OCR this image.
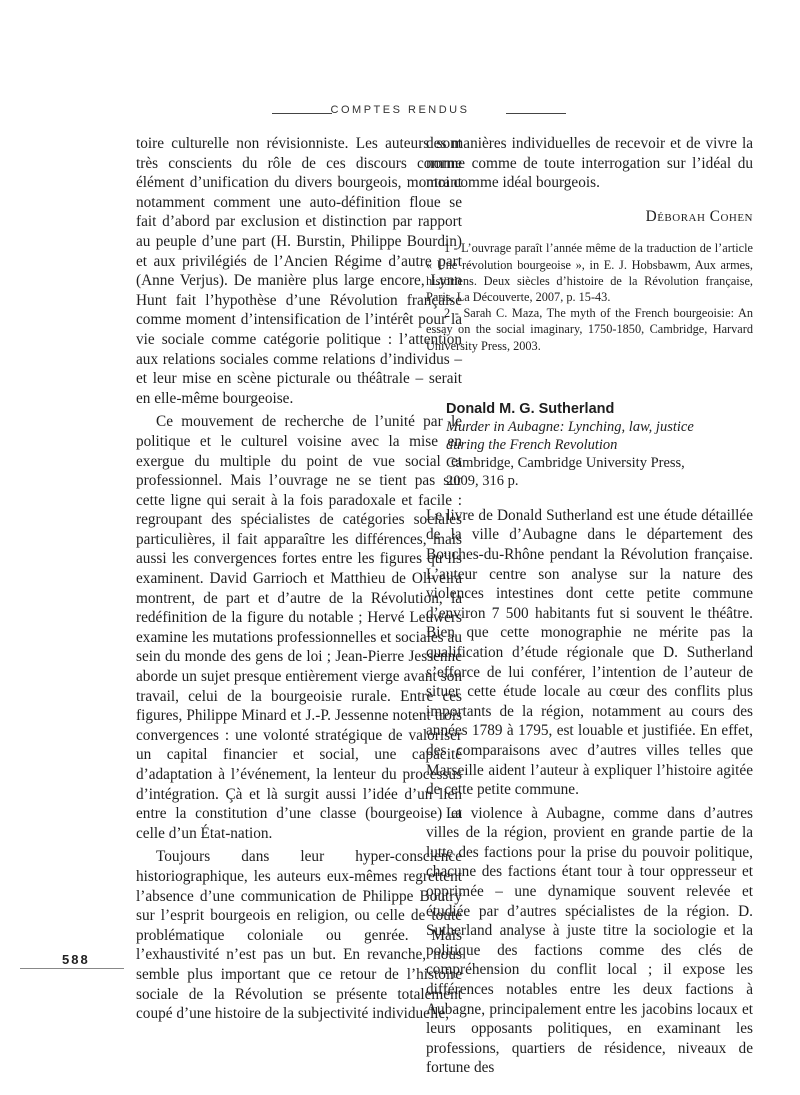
COMPTES RENDUS

toire culturelle non révisionniste. Les auteurs sont très conscients du rôle de ces discours comme élément d’unification du divers bourgeois, montrant notamment comment une auto-définition floue se fait d’abord par exclusion et distinction par rapport au peuple d’une part (H. Burstin, Philippe Bourdin) et aux privilégiés de l’Ancien Régime d’autre part (Anne Verjus). De manière plus large encore, Lynn Hunt fait l’hypothèse d’une Révolution française comme moment d’intensification de l’intérêt pour la vie sociale comme catégorie politique : l’attention aux relations sociales comme relations d’individus – et leur mise en scène picturale ou théâtrale – serait en elle-même bourgeoise.

Ce mouvement de recherche de l’unité par le politique et le culturel voisine avec la mise en exergue du multiple du point de vue social et professionnel. Mais l’ouvrage ne se tient pas sur cette ligne qui serait à la fois paradoxale et facile : regroupant des spécialistes de catégories sociales particulières, il fait apparaître les différences, mais aussi les convergences fortes entre les figures qu’ils examinent. David Garrioch et Matthieu de Oliveira montrent, de part et d’autre de la Révolution, la redéfinition de la figure du notable ; Hervé Leuwers examine les mutations professionnelles et sociales au sein du monde des gens de loi ; Jean-Pierre Jessenne aborde un sujet presque entièrement vierge avant son travail, celui de la bourgeoisie rurale. Entre ces figures, Philippe Minard et J.-P. Jessenne notent trois convergences : une volonté stratégique de valoriser un capital financier et social, une capacité d’adaptation à l’événement, la lenteur du processus d’intégration. Çà et là surgit aussi l’idée d’un lien entre la constitution d’une classe (bourgeoise) et celle d’un État-nation.

Toujours dans leur hyper-conscience historiographique, les auteurs eux-mêmes regrettent l’absence d’une communication de Philippe Boutry sur l’esprit bourgeois en religion, ou celle de toute problématique coloniale ou genrée. Mais l’exhaustivité n’est pas un but. En revanche, nous semble plus important que ce retour de l’histoire sociale de la Révolution se présente totalement coupé d’une histoire de la subjectivité individuelle,

des manières individuelles de recevoir et de vivre la norme comme de toute interrogation sur l’idéal du moi comme idéal bourgeois.

Déborah Cohen

1 - L’ouvrage paraît l’année même de la traduction de l’article « Une révolution bourgeoise », in E. J. Hobsbawm, Aux armes, historiens. Deux siècles d’histoire de la Révolution française, Paris, La Découverte, 2007, p. 15-43.

2 - Sarah C. Maza, The myth of the French bourgeoisie: An essay on the social imaginary, 1750-1850, Cambridge, Harvard University Press, 2003.

Donald M. G. Sutherland

Murder in Aubagne: Lynching, law, justice

during the French Revolution

Cambridge, Cambridge University Press,

2009, 316 p.

Le livre de Donald Sutherland est une étude détaillée de la ville d’Aubagne dans le département des Bouches-du-Rhône pendant la Révolution française. L’auteur centre son analyse sur la nature des violences intestines dont cette petite commune d’environ 7 500 habitants fut si souvent le théâtre. Bien que cette monographie ne mérite pas la qualification d’étude régionale que D. Sutherland s’efforce de lui conférer, l’intention de l’auteur de situer cette étude locale au cœur des conflits plus importants de la région, notamment au cours des années 1789 à 1795, est louable et justifiée. En effet, des comparaisons avec d’autres villes telles que Marseille aident l’auteur à expliquer l’histoire agitée de cette petite commune.

La violence à Aubagne, comme dans d’autres villes de la région, provient en grande partie de la lutte des factions pour la prise du pouvoir politique, chacune des factions étant tour à tour oppresseur et opprimée – une dynamique souvent relevée et étudiée par d’autres spécialistes de la région. D. Sutherland analyse à juste titre la sociologie et la politique des factions comme des clés de compréhension du conflit local ; il expose les différences notables entre les deux factions à Aubagne, principalement entre les jacobins locaux et leurs opposants politiques, en examinant les professions, quartiers de résidence, niveaux de fortune des

588
